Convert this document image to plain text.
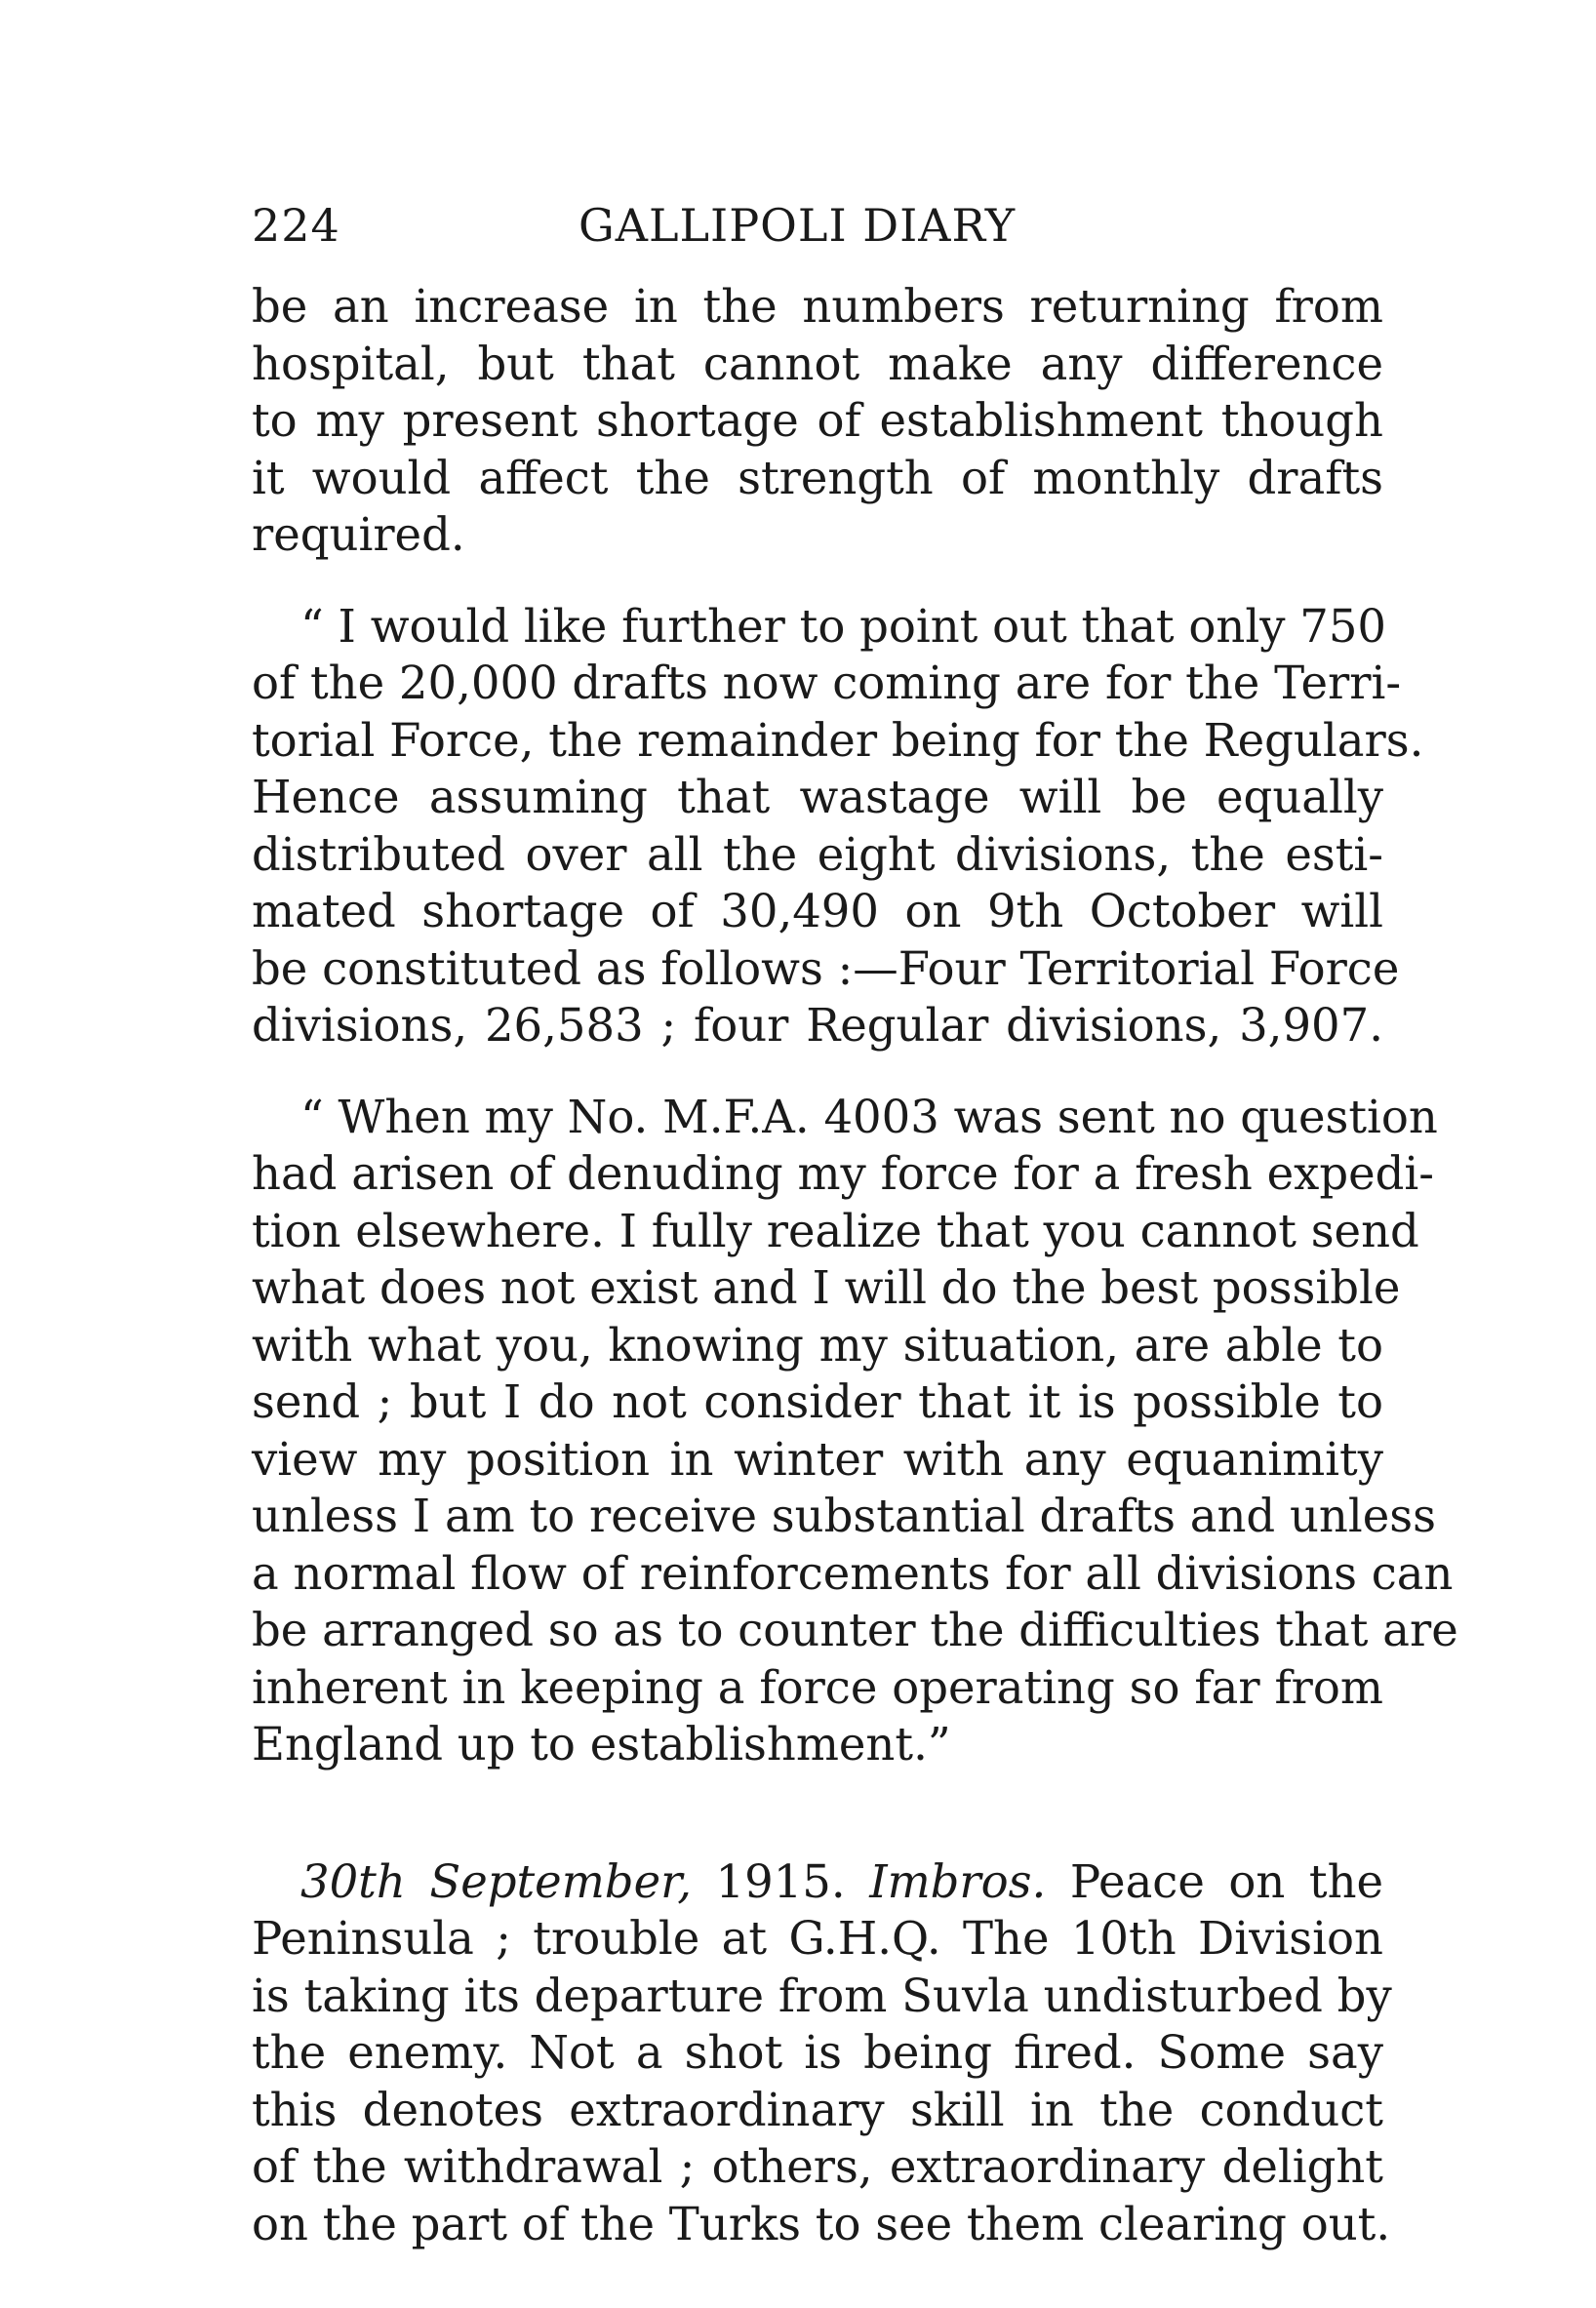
224	GALLIPOLI DIARY
be an increase in the numbers returning from
hospital, but that cannot make any difference
to my present shortage of establishment though
it would affect the strength of monthly drafts
required.
“ I would like further to point out that only 750
of the 20,000 drafts now coming are for the Terri-
torial Force, the remainder being for the Regulars.
Hence assuming that wastage will be equally
distributed over all the eight divisions, the esti-
mated shortage of 30,490 on 9th October will
be constituted as follows :—Four Territorial Force
divisions, 26,583 ; four Regular divisions, 3,907.
“ When my No. M.F.A. 4003 was sent no question
had arisen of denuding my force for a fresh expedi-
tion elsewhere. I fully realize that you cannot send
what does not exist and I will do the best possible
with what you, knowing my situation, are able to
send ; but I do not consider that it is possible to
view my position in winter with any equanimity
unless I am to receive substantial drafts and unless
a normal flow of reinforcements for all divisions can
be arranged so as to counter the difficulties that are
inherent in keeping a force operating so far from
England up to establishment.”
30th September, 1915. Imbros. Peace on the
Peninsula ; trouble at G.H.Q. The 10th Division
is taking its departure from Suvla undisturbed by
the enemy. Not a shot is being fired. Some say
this denotes extraordinary skill in the conduct
of the withdrawal ; others, extraordinary delight
on the part of the Turks to see them clearing out.
